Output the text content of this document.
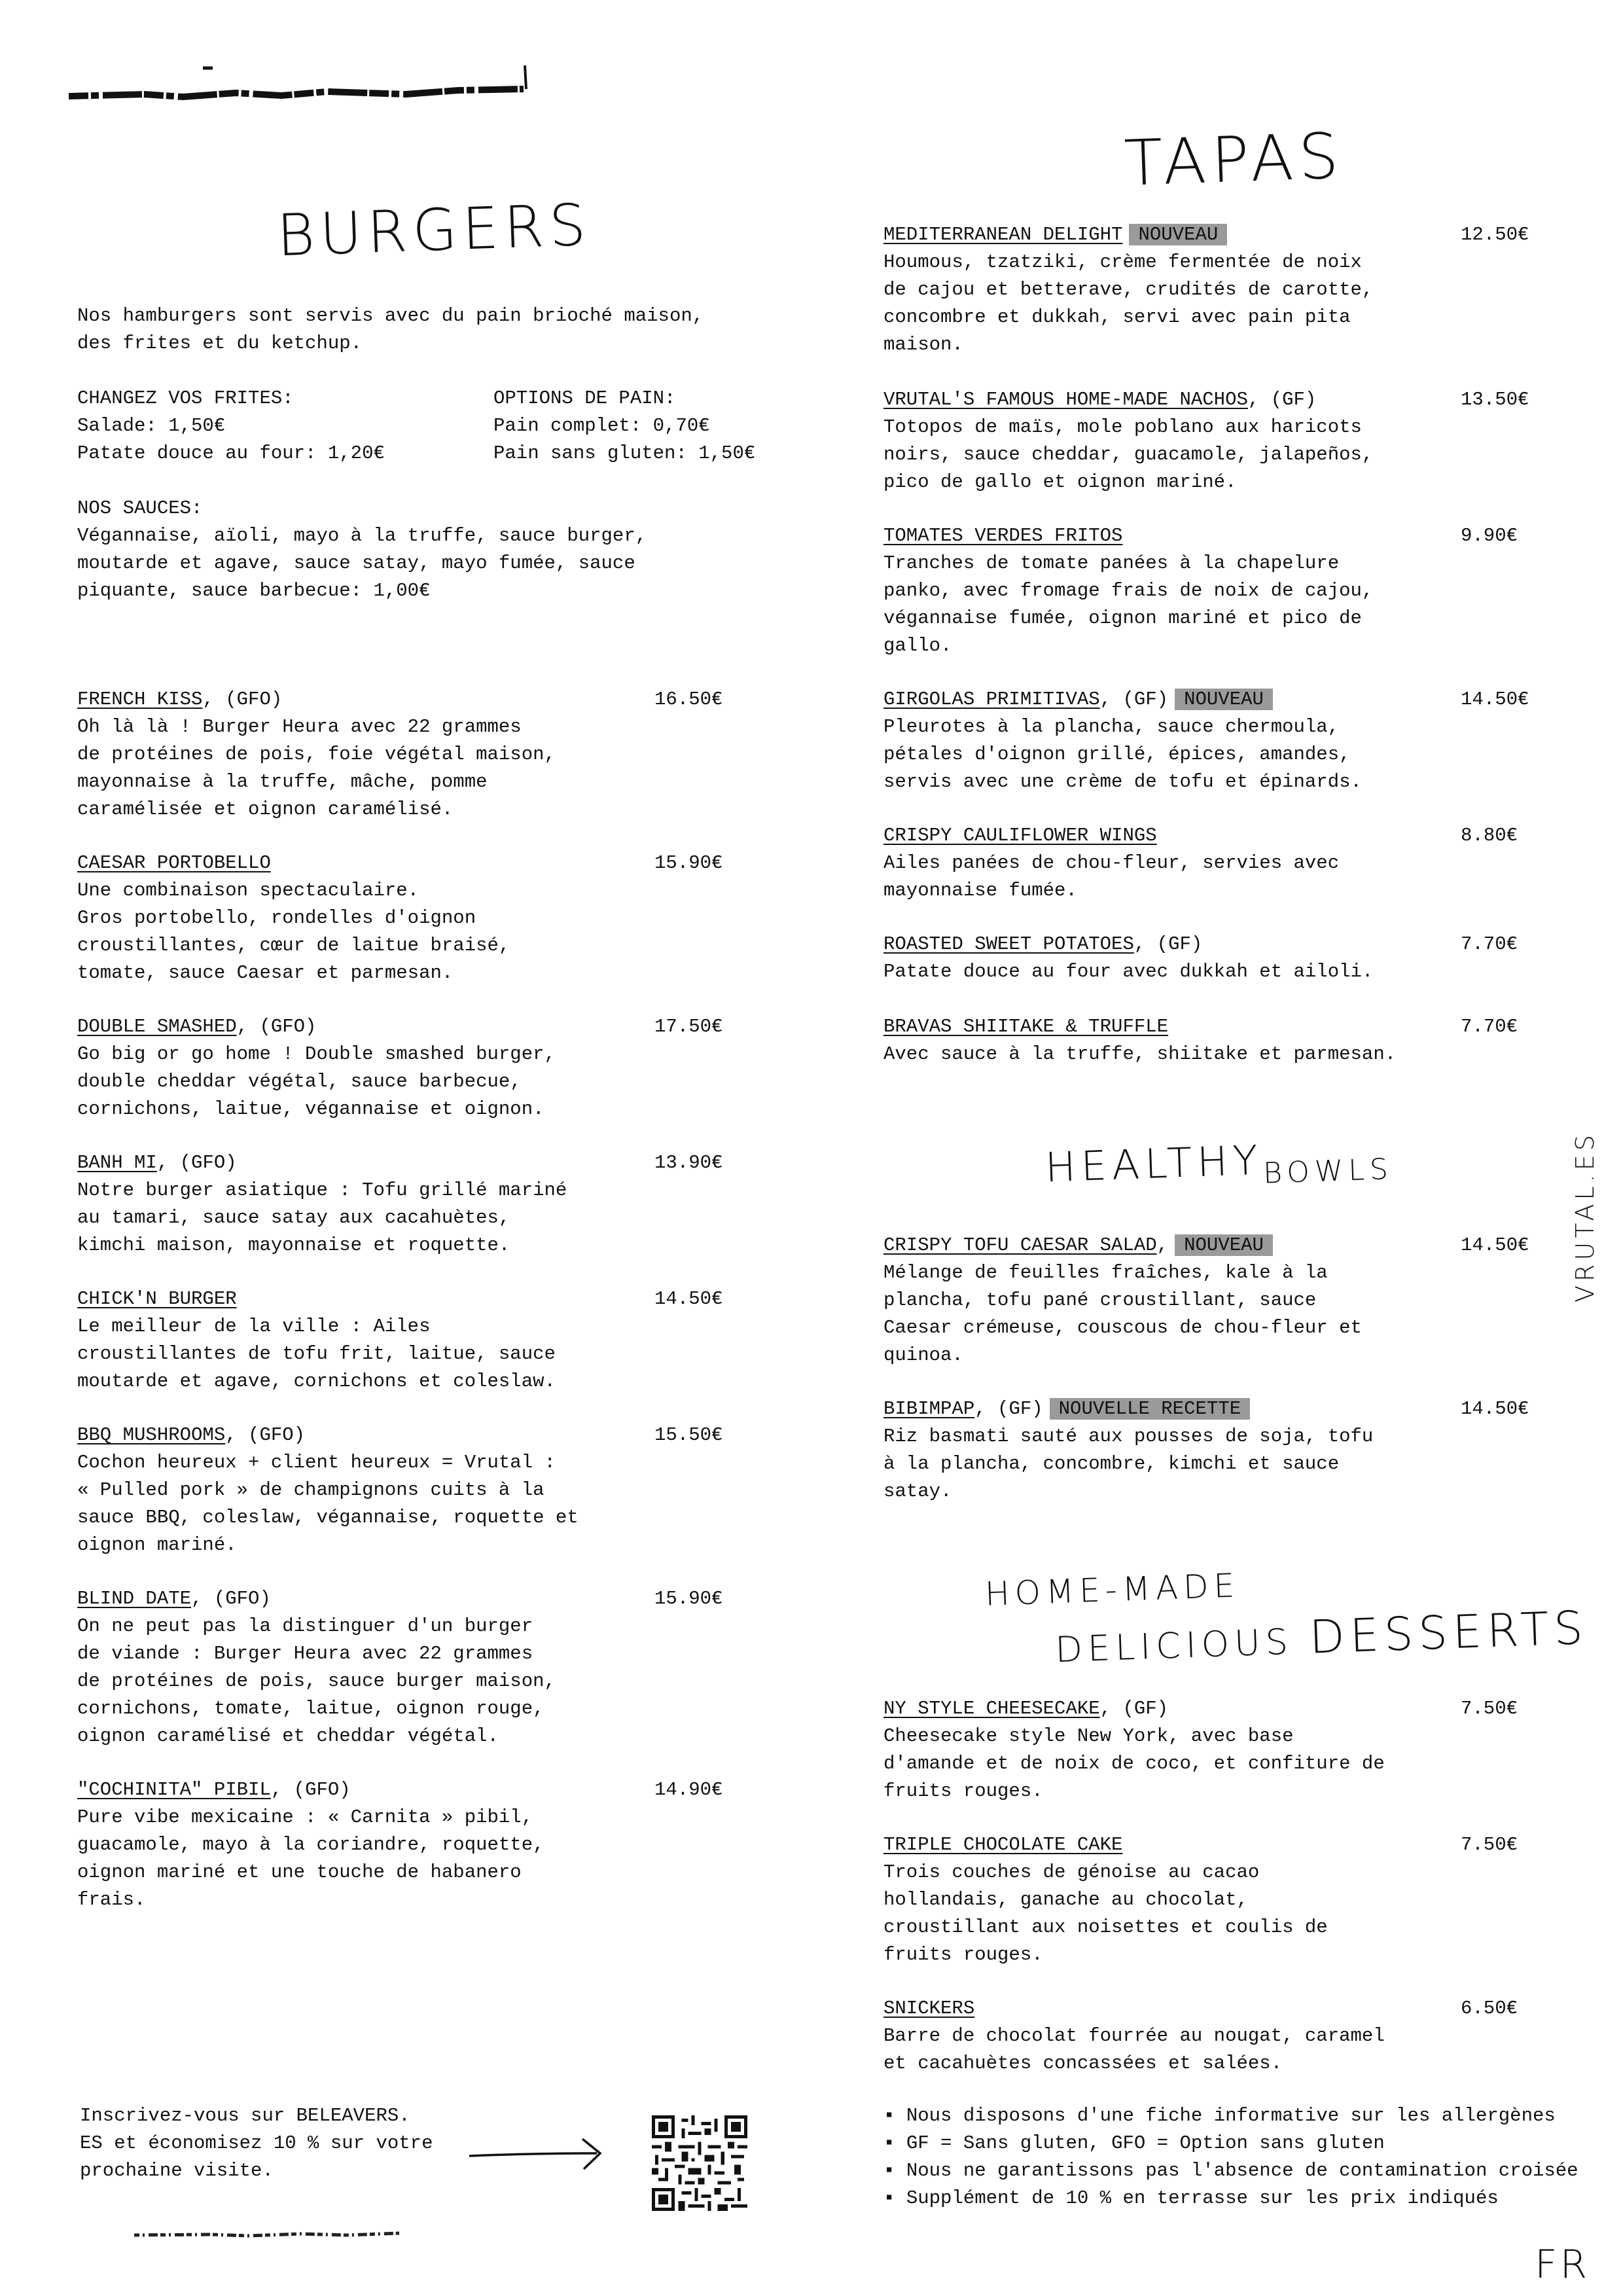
BURGERS
Nos hamburgers sont servis avec du pain brioché maison,
des frites et du ketchup.
CHANGEZ VOS FRITES:
Salade: 1,50€
Patate douce au four: 1,20€
OPTIONS DE PAIN:
Pain complet: 0,70€
Pain sans gluten: 1,50€
NOS SAUCES:
Végannaise, aïoli, mayo à la truffe, sauce burger,
moutarde et agave, sauce satay, mayo fumée, sauce
piquante, sauce barbecue: 1,00€
FRENCH KISS, (GFO)	16.50€
Oh là là ! Burger Heura avec 22 grammes
de protéines de pois, foie végétal maison,
mayonnaise à la truffe, mâche, pomme
caramélisée et oignon caramélisé.
CAESAR PORTOBELLO	15.90€
Une combinaison spectaculaire.
Gros portobello, rondelles d'oignon
croustillantes, cœur de laitue braisé,
tomate, sauce Caesar et parmesan.
DOUBLE SMASHED, (GFO)	17.50€
Go big or go home ! Double smashed burger,
double cheddar végétal, sauce barbecue,
cornichons, laitue, végannaise et oignon.
BANH MI, (GFO)	13.90€
Notre burger asiatique : Tofu grillé mariné
au tamari, sauce satay aux cacahuètes,
kimchi maison, mayonnaise et roquette.
CHICK'N BURGER	14.50€
Le meilleur de la ville : Ailes
croustillantes de tofu frit, laitue, sauce
moutarde et agave, cornichons et coleslaw.
BBQ MUSHROOMS, (GFO)	15.50€
Cochon heureux + client heureux = Vrutal :
« Pulled pork » de champignons cuits à la
sauce BBQ, coleslaw, végannaise, roquette et
oignon mariné.
BLIND DATE, (GFO)	15.90€
On ne peut pas la distinguer d'un burger
de viande : Burger Heura avec 22 grammes
de protéines de pois, sauce burger maison,
cornichons, tomate, laitue, oignon rouge,
oignon caramélisé et cheddar végétal.
"COCHINITA" PIBIL, (GFO)	14.90€
Pure vibe mexicaine : « Carnita » pibil,
guacamole, mayo à la coriandre, roquette,
oignon mariné et une touche de habanero
frais.
TAPAS
MEDITERRANEAN DELIGHT NOUVEAU	12.50€
Houmous, tzatziki, crème fermentée de noix
de cajou et betterave, crudités de carotte,
concombre et dukkah, servi avec pain pita
maison.
VRUTAL'S FAMOUS HOME-MADE NACHOS, (GF)	13.50€
Totopos de maïs, mole poblano aux haricots
noirs, sauce cheddar, guacamole, jalapeños,
pico de gallo et oignon mariné.
TOMATES VERDES FRITOS	9.90€
Tranches de tomate panées à la chapelure
panko, avec fromage frais de noix de cajou,
végannaise fumée, oignon mariné et pico de
gallo.
GIRGOLAS PRIMITIVAS, (GF) NOUVEAU	14.50€
Pleurotes à la plancha, sauce chermoula,
pétales d'oignon grillé, épices, amandes,
servis avec une crème de tofu et épinards.
CRISPY CAULIFLOWER WINGS	8.80€
Ailes panées de chou-fleur, servies avec
mayonnaise fumée.
ROASTED SWEET POTATOES, (GF)	7.70€
Patate douce au four avec dukkah et ailoli.
BRAVAS SHIITAKE & TRUFFLE	7.70€
Avec sauce à la truffe, shiitake et parmesan.
$HEALTHY_{BOWLS}$
CRISPY TOFU CAESAR SALAD, NOUVEAU	14.50€
Mélange de feuilles fraîches, kale à la
plancha, tofu pané croustillant, sauce
Caesar crémeuse, couscous de chou-fleur et
quinoa.
BIBIMPAP, (GF) NOUVELLE RECETTE	14.50€
Riz basmati sauté aux pousses de soja, tofu
à la plancha, concombre, kimchi et sauce
satay.
HOME-MADE
DELICIOUS DESSERTS
NY STYLE CHEESECAKE, (GF)	7.50€
Cheesecake style New York, avec base
d'amande et de noix de coco, et confiture de
fruits rouges.
TRIPLE CHOCOLATE CAKE	7.50€
Trois couches de génoise au cacao
hollandais, ganache au chocolat,
croustillant aux noisettes et coulis de
fruits rouges.
SNICKERS	6.50€
Barre de chocolat fourrée au nougat, caramel
et cacahuètes concassées et salées.
VRUTAL.ES
▪ Nous disposons d'une fiche informative sur les allergènes
▪ GF = Sans gluten, GFO = Option sans gluten
▪ Nous ne garantissons pas l'absence de contamination croisée
▪ Supplément de 10 % en terrasse sur les prix indiqués
Inscrivez-vous sur BELEAVERS.
ES et économisez 10 % sur votre
prochaine visite.
FR
